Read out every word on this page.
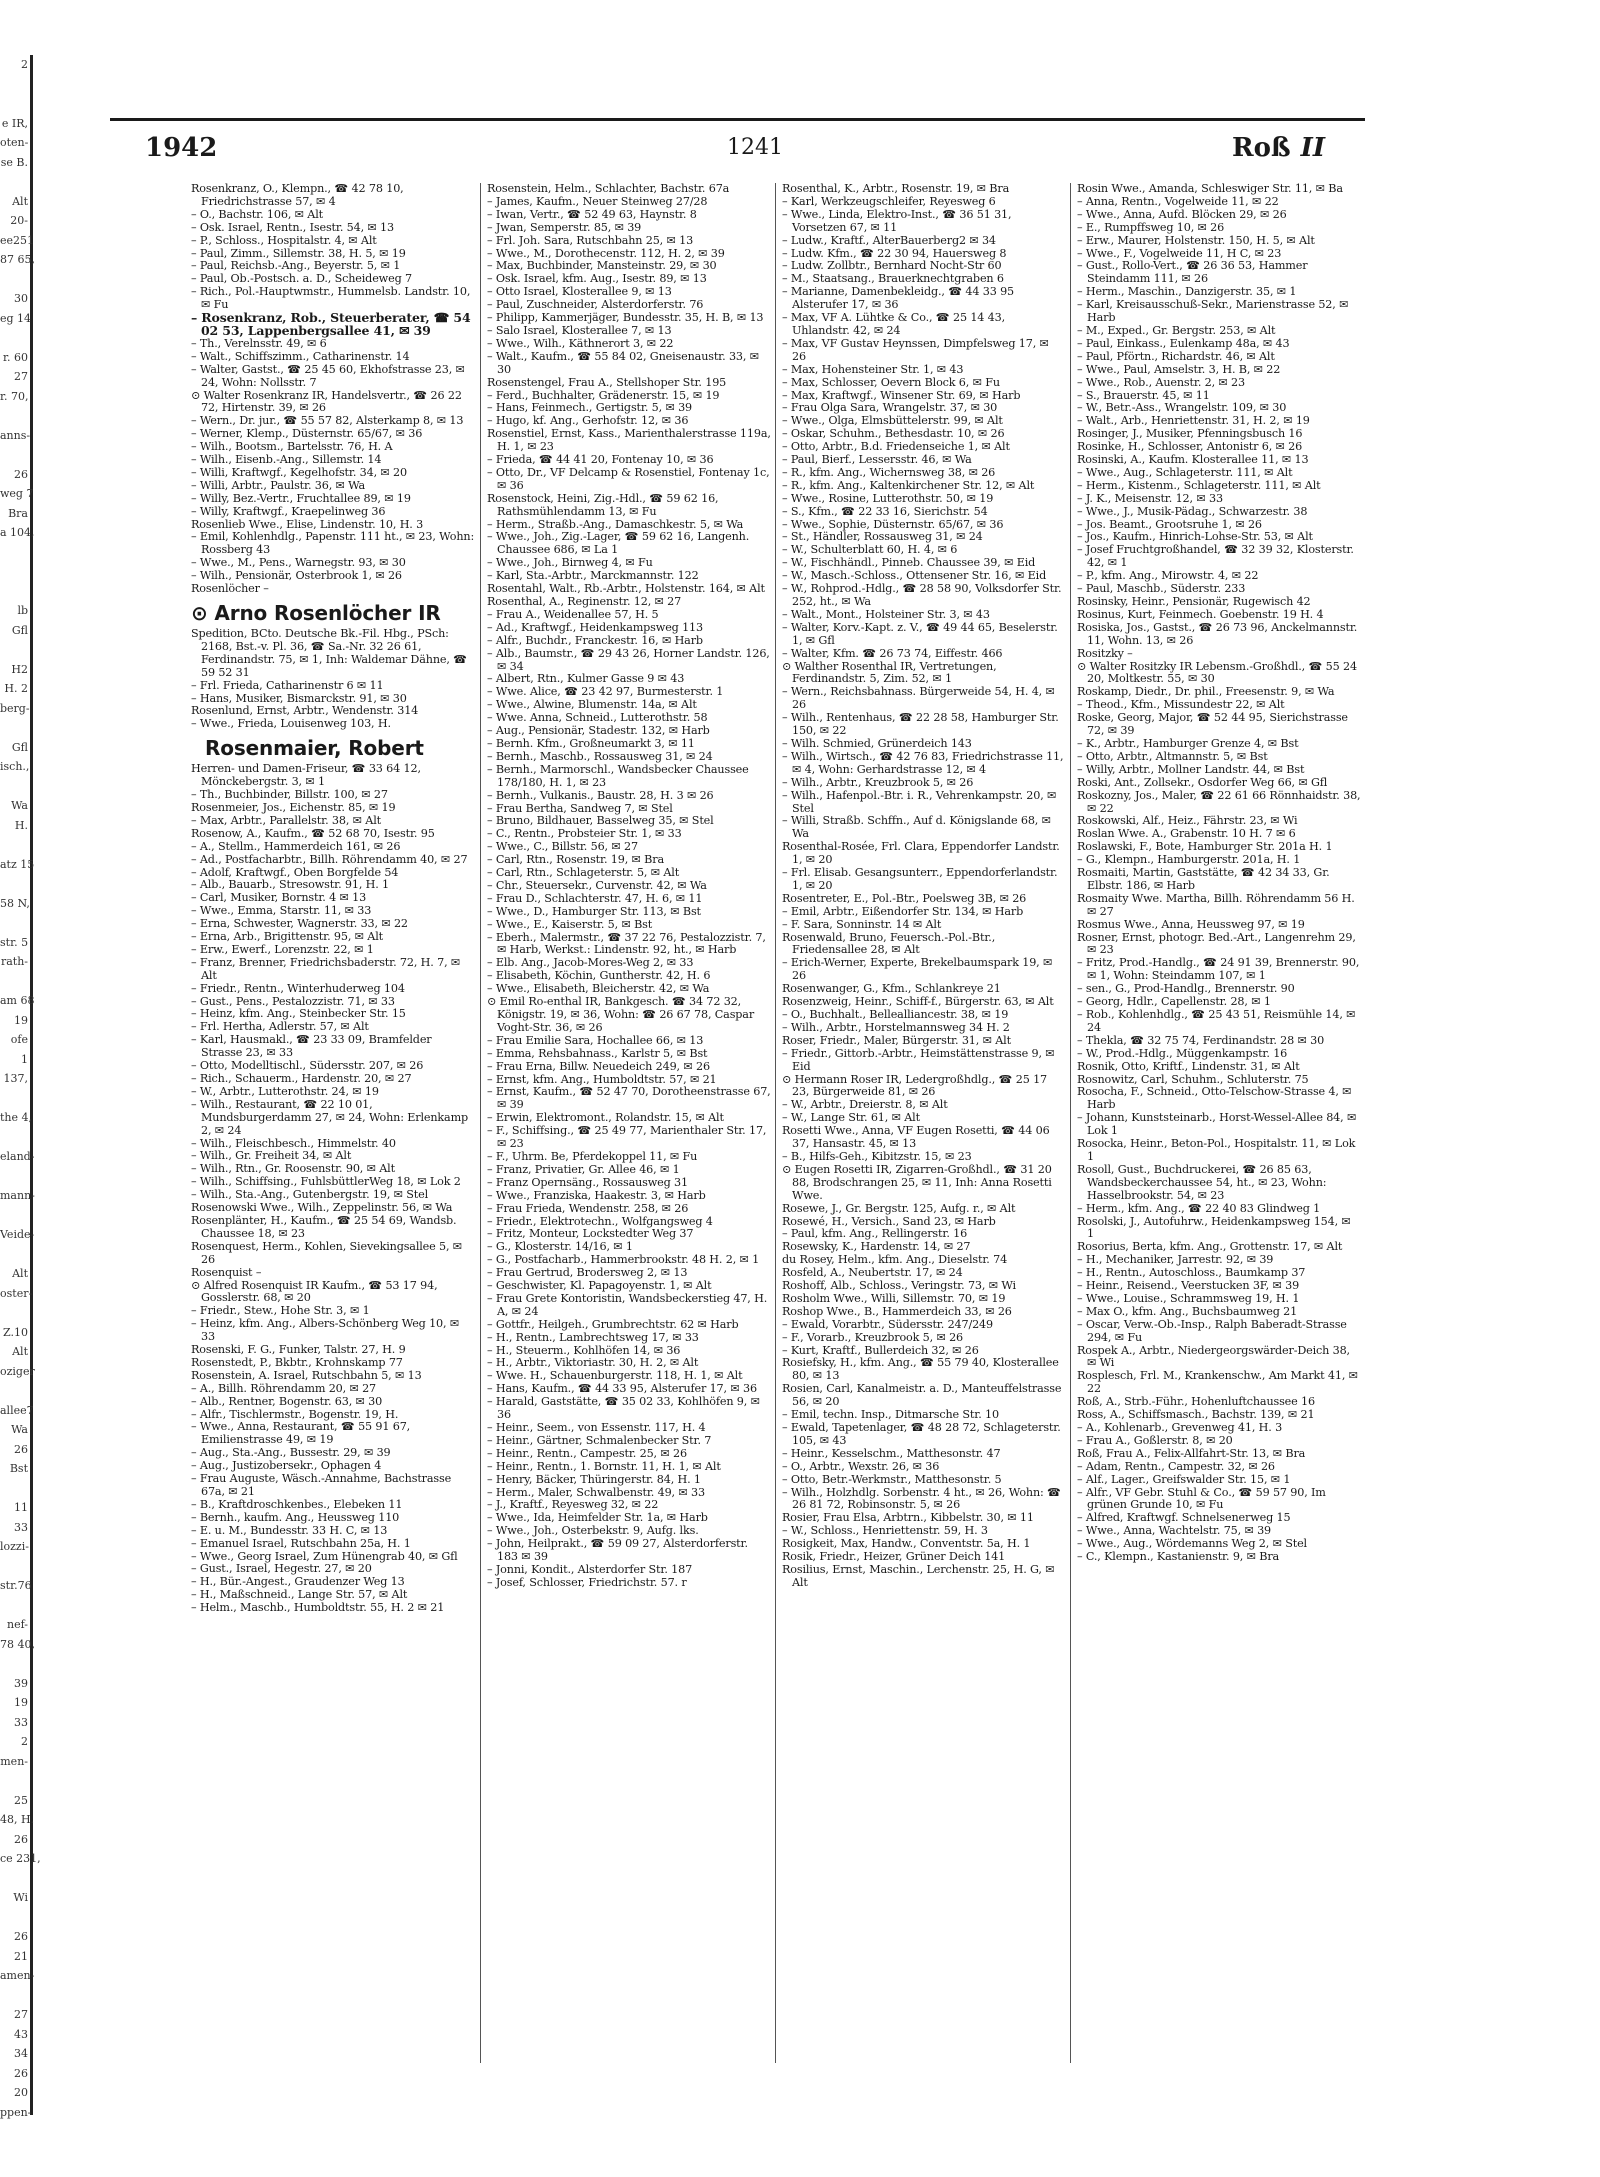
2

e IR,
oten-
se B.

Alt
20-
ee251
87 65,

30
eg 14

r. 60
27
r. 70,

anns-

26
weg 7
Bra
a 104,

lb
Gfl

H2
H. 2
berg-

Gfl
isch.,

Wa
H.

atz 15

58 N,

str. 5
rath-

am 68
19
ofe
1
137,

the 4,

eland-

mann-

Veide-

Alt
oster-

Z.10
Alt
oziger

allee7
Wa
26
Bst

11
33
lozzi-

str.76

nef-
78 40,

39
19
33
2
men-

25
48, H.
26
ce 231,

Wi

26
21
amen-

27
43
34
26
20
ppen-
1942	1241	Roß II

Rosenkranz, O., Klempn., ☎ 42 78 10, Friedrichstrasse 57, ✉ 4

– O., Bachstr. 106, ✉ Alt

– Osk. Israel, Rentn., Isestr. 54, ✉ 13

– P., Schloss., Hospitalstr. 4, ✉ Alt

– Paul, Zimm., Sillemstr. 38, H. 5, ✉ 19

– Paul, Reichsb.-Ang., Beyerstr. 5, ✉ 1

– Paul, Ob.-Postsch. a. D., Scheideweg 7

– Rich., Pol.-Hauptwmstr., Hummelsb. Landstr. 10, ✉ Fu

– Rosenkranz, Rob., Steuerberater, ☎ 54 02 53, Lappenbergsallee 41, ✉ 39

– Th., Verelnsstr. 49, ✉ 6

– Walt., Schiffszimm., Catharinenstr. 14

– Walter, Gastst., ☎ 25 45 60, Ekhofstrasse 23, ✉ 24, Wohn: Nollsstr. 7

⊙ Walter Rosenkranz IR, Handelsvertr., ☎ 26 22 72, Hirtenstr. 39, ✉ 26

– Wern., Dr. jur., ☎ 55 57 82, Alsterkamp 8, ✉ 13

– Werner, Klemp., Düsternstr. 65/67, ✉ 36

– Wilh., Bootsm., Bartelsstr. 76, H. A

– Wilh., Eisenb.-Ang., Sillemstr. 14

– Willi, Kraftwgf., Kegelhofstr. 34, ✉ 20

– Willi, Arbtr., Paulstr. 36, ✉ Wa

– Willy, Bez.-Vertr., Fruchtallee 89, ✉ 19

– Willy, Kraftwgf., Kraepelinweg 36

Rosenlieb Wwe., Elise, Lindenstr. 10, H. 3

– Emil, Kohlenhdlg., Papenstr. 111 ht., ✉ 23, Wohn: Rossberg 43

– Wwe., M., Pens., Warnegstr. 93, ✉ 30

– Wilh., Pensionär, Osterbrook 1, ✉ 26

Rosenlöcher –

⊙ Arno Rosenlöcher IR

Spedition, BCto. Deutsche Bk.-Fil. Hbg., PSch: 2168, Bst.-v. Pl. 36, ☎ Sa.-Nr. 32 26 61, Ferdinandstr. 75, ✉ 1, Inh: Waldemar Dähne, ☎ 59 52 31

– Frl. Frieda, Catharinenstr 6 ✉ 11

– Hans, Musiker, Bismarckstr. 91, ✉ 30

Rosenlund, Ernst, Arbtr., Wendenstr. 314

– Wwe., Frieda, Louisenweg 103, H.

Rosenmaier, Robert

Herren- und Damen-Friseur, ☎ 33 64 12, Mönckebergstr. 3, ✉ 1

– Th., Buchbinder, Billstr. 100, ✉ 27

Rosenmeier, Jos., Eichenstr. 85, ✉ 19

– Max, Arbtr., Parallelstr. 38, ✉ Alt

Rosenow, A., Kaufm., ☎ 52 68 70, Isestr. 95

– A., Stellm., Hammerdeich 161, ✉ 26

– Ad., Postfacharbtr., Billh. Röhrendamm 40, ✉ 27

– Adolf, Kraftwgf., Oben Borgfelde 54

– Alb., Bauarb., Stresowstr. 91, H. 1

– Carl, Musiker, Bornstr. 4 ✉ 13

– Wwe., Emma, Starstr. 11, ✉ 33

– Erna, Schwester, Wagnerstr. 33, ✉ 22

– Erna, Arb., Brigittenstr. 95, ✉ Alt

– Erw., Ewerf., Lorenzstr. 22, ✉ 1

– Franz, Brenner, Friedrichsbaderstr. 72, H. 7, ✉ Alt

– Friedr., Rentn., Winterhuderweg 104

– Gust., Pens., Pestalozzistr. 71, ✉ 33

– Heinz, kfm. Ang., Steinbecker Str. 15

– Frl. Hertha, Adlerstr. 57, ✉ Alt

– Karl, Hausmakl., ☎ 23 33 09, Bramfelder Strasse 23, ✉ 33

– Otto, Modelltischl., Südersstr. 207, ✉ 26

– Rich., Schauerm., Hardenstr. 20, ✉ 27

– W., Arbtr., Lutterothstr. 24, ✉ 19

– Wilh., Restaurant, ☎ 22 10 01, Mundsburgerdamm 27, ✉ 24, Wohn: Erlenkamp 2, ✉ 24

– Wilh., Fleischbesch., Himmelstr. 40

– Wilh., Gr. Freiheit 34, ✉ Alt

– Wilh., Rtn., Gr. Roosenstr. 90, ✉ Alt

– Wilh., Schiffsing., FuhlsbüttlerWeg 18, ✉ Lok 2

– Wilh., Sta.-Ang., Gutenbergstr. 19, ✉ Stel

Rosenowski Wwe., Wilh., Zeppelinstr. 56, ✉ Wa

Rosenplänter, H., Kaufm., ☎ 25 54 69, Wandsb. Chaussee 18, ✉ 23

Rosenquest, Herm., Kohlen, Sievekingsallee 5, ✉ 26

Rosenquist –

⊙ Alfred Rosenquist IR Kaufm., ☎ 53 17 94, Gosslerstr. 68, ✉ 20

– Friedr., Stew., Hohe Str. 3, ✉ 1

– Heinz, kfm. Ang., Albers-Schönberg Weg 10, ✉ 33

Rosenski, F. G., Funker, Talstr. 27, H. 9

Rosenstedt, P., Bkbtr., Krohnskamp 77

Rosenstein, A. Israel, Rutschbahn 5, ✉ 13

– A., Billh. Röhrendamm 20, ✉ 27

– Alb., Rentner, Bogenstr. 63, ✉ 30

– Alfr., Tischlermstr., Bogenstr. 19, H.

– Wwe., Anna, Restaurant, ☎ 55 91 67, Emilienstrasse 49, ✉ 19

– Aug., Sta.-Ang., Bussestr. 29, ✉ 39

– Aug., Justizobersekr., Ophagen 4

– Frau Auguste, Wäsch.-Annahme, Bachstrasse 67a, ✉ 21

– B., Kraftdroschkenbes., Elebeken 11

– Bernh., kaufm. Ang., Heussweg 110

– E. u. M., Bundesstr. 33 H. C, ✉ 13

– Emanuel Israel, Rutschbahn 25a, H. 1

– Wwe., Georg Israel, Zum Hünengrab 40, ✉ Gfl

– Gust., Israel, Hegestr. 27, ✉ 20

– H., Bür.-Angest., Graudenzer Weg 13

– H., Maßschneid., Lange Str. 57, ✉ Alt

– Helm., Maschb., Humboldtstr. 55, H. 2 ✉ 21

Rosenstein, Helm., Schlachter, Bachstr. 67a

– James, Kaufm., Neuer Steinweg 27/28

– Iwan, Vertr., ☎ 52 49 63, Haynstr. 8

– Jwan, Semperstr. 85, ✉ 39

– Frl. Joh. Sara, Rutschbahn 25, ✉ 13

– Wwe., M., Dorothecenstr. 112, H. 2, ✉ 39

– Max, Buchbinder, Mansteinstr. 29, ✉ 30

– Osk. Israel, kfm. Aug., Isestr. 89, ✉ 13

– Otto Israel, Klosterallee 9, ✉ 13

– Paul, Zuschneider, Alsterdorferstr. 76

– Philipp, Kammerjäger, Bundesstr. 35, H. B, ✉ 13

– Salo Israel, Klosterallee 7, ✉ 13

– Wwe., Wilh., Käthnerort 3, ✉ 22

– Walt., Kaufm., ☎ 55 84 02, Gneisenaustr. 33, ✉ 30

Rosenstengel, Frau A., Stellshoper Str. 195

– Ferd., Buchhalter, Grädenerstr. 15, ✉ 19

– Hans, Feinmech., Gertigstr. 5, ✉ 39

– Hugo, kf. Ang., Gerhofstr. 12, ✉ 36

Rosenstiel, Ernst, Kass., Marienthalerstrasse 119a, H. 1, ✉ 23

– Frieda, ☎ 44 41 20, Fontenay 10, ✉ 36

– Otto, Dr., VF Delcamp & Rosenstiel, Fontenay 1c, ✉ 36

Rosenstock, Heini, Zig.-Hdl., ☎ 59 62 16, Rathsmühlendamm 13, ✉ Fu

– Herm., Straßb.-Ang., Damaschkestr. 5, ✉ Wa

– Wwe., Joh., Zig.-Lager, ☎ 59 62 16, Langenh. Chaussee 686, ✉ La 1

– Wwe., Joh., Birnweg 4, ✉ Fu

– Karl, Sta.-Arbtr., Marckmannstr. 122

Rosentahl, Walt., Rb.-Arbtr., Holstenstr. 164, ✉ Alt

Rosenthal, A., Reginenstr. 12, ✉ 27

– Frau A., Weidenallee 57, H. 5

– Ad., Kraftwgf., Heidenkampsweg 113

– Alfr., Buchdr., Franckestr. 16, ✉ Harb

– Alb., Baumstr., ☎ 29 43 26, Horner Landstr. 126, ✉ 34

– Albert, Rtn., Kulmer Gasse 9 ✉ 43

– Wwe. Alice, ☎ 23 42 97, Burmesterstr. 1

– Wwe., Alwine, Blumenstr. 14a, ✉ Alt

– Wwe. Anna, Schneid., Lutterothstr. 58

– Aug., Pensionär, Stadestr. 132, ✉ Harb

– Bernh. Kfm., Großneumarkt 3, ✉ 11

– Bernh., Maschb., Rossausweg 31, ✉ 24

– Bernh., Marmorschl., Wandsbecker Chaussee 178/180, H. 1, ✉ 23

– Bernh., Vulkanis., Baustr. 28, H. 3 ✉ 26

– Frau Bertha, Sandweg 7, ✉ Stel

– Bruno, Bildhauer, Basselweg 35, ✉ Stel

– C., Rentn., Probsteier Str. 1, ✉ 33

– Wwe., C., Billstr. 56, ✉ 27

– Carl, Rtn., Rosenstr. 19, ✉ Bra

– Carl, Rtn., Schlageterstr. 5, ✉ Alt

– Chr., Steuersekr., Curvenstr. 42, ✉ Wa

– Frau D., Schlachterstr. 47, H. 6, ✉ 11

– Wwe., D., Hamburger Str. 113, ✉ Bst

– Wwe., E., Kaiserstr. 5, ✉ Bst

– Eberh., Malermstr., ☎ 37 22 76, Pestalozzistr. 7, ✉ Harb, Werkst.: Lindenstr. 92, ht., ✉ Harb

– Elb. Ang., Jacob-Mores-Weg 2, ✉ 33

– Elisabeth, Köchin, Guntherstr. 42, H. 6

– Wwe., Elisabeth, Bleicherstr. 42, ✉ Wa

⊙ Emil Ro-enthal IR, Bankgesch. ☎ 34 72 32, Königstr. 19, ✉ 36, Wohn: ☎ 26 67 78, Caspar Voght-Str. 36, ✉ 26

– Frau Emilie Sara, Hochallee 66, ✉ 13

– Emma, Rehsbahnass., Karlstr 5, ✉ Bst

– Frau Erna, Billw. Neuedeich 249, ✉ 26

– Ernst, kfm. Ang., Humboldtstr. 57, ✉ 21

– Ernst, Kaufm., ☎ 52 47 70, Dorotheenstrasse 67, ✉ 39

– Erwin, Elektromont., Rolandstr. 15, ✉ Alt

– F., Schiffsing., ☎ 25 49 77, Marienthaler Str. 17, ✉ 23

– F., Uhrm. Be, Pferdekoppel 11, ✉ Fu

– Franz, Privatier, Gr. Allee 46, ✉ 1

– Franz Opernsäng., Rossausweg 31

– Wwe., Franziska, Haakestr. 3, ✉ Harb

– Frau Frieda, Wendenstr. 258, ✉ 26

– Friedr., Elektrotechn., Wolfgangsweg 4

– Fritz, Monteur, Lockstedter Weg 37

– G., Klosterstr. 14/16, ✉ 1

– G., Postfacharb., Hammerbrookstr. 48 H. 2, ✉ 1

– Frau Gertrud, Brodersweg 2, ✉ 13

– Geschwister, Kl. Papagoyenstr. 1, ✉ Alt

– Frau Grete Kontoristin, Wandsbeckerstieg 47, H. A, ✉ 24

– Gottfr., Heilgeh., Grumbrechtstr. 62 ✉ Harb

– H., Rentn., Lambrechtsweg 17, ✉ 33

– H., Steuerm., Kohlhöfen 14, ✉ 36

– H., Arbtr., Viktoriastr. 30, H. 2, ✉ Alt

– Wwe. H., Schauenburgerstr. 118, H. 1, ✉ Alt

– Hans, Kaufm., ☎ 44 33 95, Alsterufer 17, ✉ 36

– Harald, Gaststätte, ☎ 35 02 33, Kohlhöfen 9, ✉ 36

– Heinr., Seem., von Essenstr. 117, H. 4

– Heinr., Gärtner, Schmalenbecker Str. 7

– Heinr., Rentn., Campestr. 25, ✉ 26

– Heinr., Rentn., 1. Bornstr. 11, H. 1, ✉ Alt

– Henry, Bäcker, Thüringerstr. 84, H. 1

– Herm., Maler, Schwalbenstr. 49, ✉ 33

– J., Kraftf., Reyesweg 32, ✉ 22

– Wwe., Ida, Heimfelder Str. 1a, ✉ Harb

– Wwe., Joh., Osterbekstr. 9, Aufg. lks.

– John, Heilprakt., ☎ 59 09 27, Alsterdorferstr. 183 ✉ 39

– Jonni, Kondit., Alsterdorfer Str. 187

– Josef, Schlosser, Friedrichstr. 57. r

Rosenthal, K., Arbtr., Rosenstr. 19, ✉ Bra

– Karl, Werkzeugschleifer, Reyesweg 6

– Wwe., Linda, Elektro-Inst., ☎ 36 51 31, Vorsetzen 67, ✉ 11

– Ludw., Kraftf., AlterBauerberg2 ✉ 34

– Ludw. Kfm., ☎ 22 30 94, Hauersweg 8

– Ludw. Zollbtr., Bernhard Nocht-Str 60

– M., Staatsang., Brauerknechtgraben 6

– Marianne, Damenbekleidg., ☎ 44 33 95 Alsterufer 17, ✉ 36

– Max, VF A. Lühtke & Co., ☎ 25 14 43, Uhlandstr. 42, ✉ 24

– Max, VF Gustav Heynssen, Dimpfelsweg 17, ✉ 26

– Max, Hohensteiner Str. 1, ✉ 43

– Max, Schlosser, Oevern Block 6, ✉ Fu

– Max, Kraftwgf., Winsener Str. 69, ✉ Harb

– Frau Olga Sara, Wrangelstr. 37, ✉ 30

– Wwe., Olga, Elmsbüttelerstr. 99, ✉ Alt

– Oskar, Schuhm., Bethesdastr. 10, ✉ 26

– Otto, Arbtr., B.d. Friedenseiche 1, ✉ Alt

– Paul, Bierf., Lessersstr. 46, ✉ Wa

– R., kfm. Ang., Wichernsweg 38, ✉ 26

– R., kfm. Ang., Kaltenkirchener Str. 12, ✉ Alt

– Wwe., Rosine, Lutterothstr. 50, ✉ 19

– S., Kfm., ☎ 22 33 16, Sierichstr. 54

– Wwe., Sophie, Düsternstr. 65/67, ✉ 36

– St., Händler, Rossausweg 31, ✉ 24

– W., Schulterblatt 60, H. 4, ✉ 6

– W., Fischhändl., Pinneb. Chaussee 39, ✉ Eid

– W., Masch.-Schloss., Ottensener Str. 16, ✉ Eid

– W., Rohprod.-Hdlg., ☎ 28 58 90, Volksdorfer Str. 252, ht., ✉ Wa

– Walt., Mont., Holsteiner Str. 3, ✉ 43

– Walter, Korv.-Kapt. z. V., ☎ 49 44 65, Beselerstr. 1, ✉ Gfl

– Walter, Kfm. ☎ 26 73 74, Eiffestr. 466

⊙ Walther Rosenthal IR, Vertretungen, Ferdinandstr. 5, Zim. 52, ✉ 1

– Wern., Reichsbahnass. Bürgerweide 54, H. 4, ✉ 26

– Wilh., Rentenhaus, ☎ 22 28 58, Hamburger Str. 150, ✉ 22

– Wilh. Schmied, Grünerdeich 143

– Wilh., Wirtsch., ☎ 42 76 83, Friedrichstrasse 11, ✉ 4, Wohn: Gerhardstrasse 12, ✉ 4

– Wilh., Arbtr., Kreuzbrook 5, ✉ 26

– Wilh., Hafenpol.-Btr. i. R., Vehrenkampstr. 20, ✉ Stel

– Willi, Straßb. Schffn., Auf d. Königslande 68, ✉ Wa

Rosenthal-Rosée, Frl. Clara, Eppendorfer Landstr. 1, ✉ 20

– Frl. Elisab. Gesangsunterr., Eppendorferlandstr. 1, ✉ 20

Rosentreter, E., Pol.-Btr., Poelsweg 3B, ✉ 26

– Emil, Arbtr., Eißendorfer Str. 134, ✉ Harb

– F. Sara, Sonninstr. 14 ✉ Alt

Rosenwald, Bruno, Feuersch.-Pol.-Btr., Friedensallee 28, ✉ Alt

– Erich-Werner, Experte, Brekelbaumspark 19, ✉ 26

Rosenwanger, G., Kfm., Schlankreye 21

Rosenzweig, Heinr., Schiff-f., Bürgerstr. 63, ✉ Alt

– O., Buchhalt., Bellealliancestr. 38, ✉ 19

– Wilh., Arbtr., Horstelmannsweg 34 H. 2

Roser, Friedr., Maler, Bürgerstr. 31, ✉ Alt

– Friedr., Gittorb.-Arbtr., Heimstättenstrasse 9, ✉ Eid

⊙ Hermann Roser IR, Ledergroßhdlg., ☎ 25 17 23, Bürgerweide 81, ✉ 26

– W., Arbtr., Dreierstr. 8, ✉ Alt

– W., Lange Str. 61, ✉ Alt

Rosetti Wwe., Anna, VF Eugen Rosetti, ☎ 44 06 37, Hansastr. 45, ✉ 13

– B., Hilfs-Geh., Kibitzstr. 15, ✉ 23

⊙ Eugen Rosetti IR, Zigarren-Großhdl., ☎ 31 20 88, Brodschrangen 25, ✉ 11, Inh: Anna Rosetti Wwe.

Rosewe, J., Gr. Bergstr. 125, Aufg. r., ✉ Alt

Rosewé, H., Versich., Sand 23, ✉ Harb

– Paul, kfm. Ang., Rellingerstr. 16

Rosewsky, K., Hardenstr. 14, ✉ 27

du Rosey, Helm., kfm. Ang., Dieselstr. 74

Rosfeld, A., Neubertstr. 17, ✉ 24

Roshoff, Alb., Schloss., Veringstr. 73, ✉ Wi

Rosholm Wwe., Willi, Sillemstr. 70, ✉ 19

Roshop Wwe., B., Hammerdeich 33, ✉ 26

– Ewald, Vorarbtr., Südersstr. 247/249

– F., Vorarb., Kreuzbrook 5, ✉ 26

– Kurt, Kraftf., Bullerdeich 32, ✉ 26

Rosiefsky, H., kfm. Ang., ☎ 55 79 40, Klosterallee 80, ✉ 13

Rosien, Carl, Kanalmeistr. a. D., Manteuffelstrasse 56, ✉ 20

– Emil, techn. Insp., Ditmarsche Str. 10

– Ewald, Tapetenlager, ☎ 48 28 72, Schlageterstr. 105, ✉ 43

– Heinr., Kesselschm., Matthesonstr. 47

– O., Arbtr., Wexstr. 26, ✉ 36

– Otto, Betr.-Werkmstr., Matthesonstr. 5

– Wilh., Holzhdlg. Sorbenstr. 4 ht., ✉ 26, Wohn: ☎ 26 81 72, Robinsonstr. 5, ✉ 26

Rosier, Frau Elsa, Arbtrn., Kibbelstr. 30, ✉ 11

– W., Schloss., Henriettenstr. 59, H. 3

Rosigkeit, Max, Handw., Conventstr. 5a, H. 1

Rosik, Friedr., Heizer, Grüner Deich 141

Rosilius, Ernst, Maschin., Lerchenstr. 25, H. G, ✉ Alt

Rosin Wwe., Amanda, Schleswiger Str. 11, ✉ Ba

– Anna, Rentn., Vogelweide 11, ✉ 22

– Wwe., Anna, Aufd. Blöcken 29, ✉ 26

– E., Rumpffsweg 10, ✉ 26

– Erw., Maurer, Holstenstr. 150, H. 5, ✉ Alt

– Wwe., F., Vogelweide 11, H C, ✉ 23

– Gust., Rollo-Vert., ☎ 26 36 53, Hammer Steindamm 111, ✉ 26

– Herm., Maschin., Danzigerstr. 35, ✉ 1

– Karl, Kreisausschuß-Sekr., Marienstrasse 52, ✉ Harb

– M., Exped., Gr. Bergstr. 253, ✉ Alt

– Paul, Einkass., Eulenkamp 48a, ✉ 43

– Paul, Pförtn., Richardstr. 46, ✉ Alt

– Wwe., Paul, Amselstr. 3, H. B, ✉ 22

– Wwe., Rob., Auenstr. 2, ✉ 23

– S., Brauerstr. 45, ✉ 11

– W., Betr.-Ass., Wrangelstr. 109, ✉ 30

– Walt., Arb., Henriettenstr. 31, H. 2, ✉ 19

Rosinger, J., Musiker, Pfenningsbusch 16

Rosinke, H., Schlosser, Antonistr 6, ✉ 26

Rosinski, A., Kaufm. Klosterallee 11, ✉ 13

– Wwe., Aug., Schlageterstr. 111, ✉ Alt

– Herm., Kistenm., Schlageterstr. 111, ✉ Alt

– J. K., Meisenstr. 12, ✉ 33

– Wwe., J., Musik-Pädag., Schwarzestr. 38

– Jos. Beamt., Grootsruhe 1, ✉ 26

– Jos., Kaufm., Hinrich-Lohse-Str. 53, ✉ Alt

– Josef Fruchtgroßhandel, ☎ 32 39 32, Klosterstr. 42, ✉ 1

– P., kfm. Ang., Mirowstr. 4, ✉ 22

– Paul, Maschb., Süderstr. 233

Rosinsky, Heinr., Pensionär, Rugewisch 42

Rosinus, Kurt, Feinmech. Goebenstr. 19 H. 4

Rosiska, Jos., Gastst., ☎ 26 73 96, Anckelmannstr. 11, Wohn. 13, ✉ 26

Rositzky –

⊙ Walter Rositzky IR Lebensm.-Großhdl., ☎ 55 24 20, Moltkestr. 55, ✉ 30

Roskamp, Diedr., Dr. phil., Freesenstr. 9, ✉ Wa

– Theod., Kfm., Missundestr 22, ✉ Alt

Roske, Georg, Major, ☎ 52 44 95, Sierichstrasse 72, ✉ 39

– K., Arbtr., Hamburger Grenze 4, ✉ Bst

– Otto, Arbtr., Altmannstr. 5, ✉ Bst

– Willy, Arbtr., Mollner Landstr. 44, ✉ Bst

Roski, Ant., Zollsekr., Osdorfer Weg 66, ✉ Gfl

Roskozny, Jos., Maler, ☎ 22 61 66 Rönnhaidstr. 38, ✉ 22

Roskowski, Alf., Heiz., Fährstr. 23, ✉ Wi

Roslan Wwe. A., Grabenstr. 10 H. 7 ✉ 6

Roslawski, F., Bote, Hamburger Str. 201a H. 1

– G., Klempn., Hamburgerstr. 201a, H. 1

Rosmaiti, Martin, Gaststätte, ☎ 42 34 33, Gr. Elbstr. 186, ✉ Harb

Rosmaity Wwe. Martha, Billh. Röhrendamm 56 H. ✉ 27

Rosmus Wwe., Anna, Heussweg 97, ✉ 19

Rosner, Ernst, photogr. Bed.-Art., Langenrehm 29, ✉ 23

– Fritz, Prod.-Handlg., ☎ 24 91 39, Brennerstr. 90, ✉ 1, Wohn: Steindamm 107, ✉ 1

– sen., G., Prod-Handlg., Brennerstr. 90

– Georg, Hdlr., Capellenstr. 28, ✉ 1

– Rob., Kohlenhdlg., ☎ 25 43 51, Reismühle 14, ✉ 24

– Thekla, ☎ 32 75 74, Ferdinandstr. 28 ✉ 30

– W., Prod.-Hdlg., Müggenkampstr. 16

Rosnik, Otto, Kriftf., Lindenstr. 31, ✉ Alt

Rosnowitz, Carl, Schuhm., Schluterstr. 75

Rosocha, F., Schneid., Otto-Telschow-Strasse 4, ✉ Harb

– Johann, Kunststeinarb., Horst-Wessel-Allee 84, ✉ Lok 1

Rosocka, Heinr., Beton-Pol., Hospitalstr. 11, ✉ Lok 1

Rosoll, Gust., Buchdruckerei, ☎ 26 85 63, Wandsbeckerchaussee 54, ht., ✉ 23, Wohn: Hasselbrookstr. 54, ✉ 23

– Herm., kfm. Ang., ☎ 22 40 83 Glindweg 1

Rosolski, J., Autofuhrw., Heidenkampsweg 154, ✉ 1

Rosorius, Berta, kfm. Ang., Grottenstr. 17, ✉ Alt

– H., Mechaniker, Jarrestr. 92, ✉ 39

– H., Rentn., Autoschloss., Baumkamp 37

– Heinr., Reisend., Veerstucken 3F, ✉ 39

– Wwe., Louise., Schrammsweg 19, H. 1

– Max O., kfm. Ang., Buchsbaumweg 21

– Oscar, Verw.-Ob.-Insp., Ralph Baberadt-Strasse 294, ✉ Fu

Rospek A., Arbtr., Niedergeorgswärder-Deich 38, ✉ Wi

Rosplesch, Frl. M., Krankenschw., Am Markt 41, ✉ 22

Roß, A., Strb.-Führ., Hohenluftchaussee 16

Ross, A., Schiffsmasch., Bachstr. 139, ✉ 21

– A., Kohlenarb., Grevenweg 41, H. 3

– Frau A., Goßlerstr. 8, ✉ 20

Roß, Frau A., Felix-Allfahrt-Str. 13, ✉ Bra

– Adam, Rentn., Campestr. 32, ✉ 26

– Alf., Lager., Greifswalder Str. 15, ✉ 1

– Alfr., VF Gebr. Stuhl & Co., ☎ 59 57 90, Im grünen Grunde 10, ✉ Fu

– Alfred, Kraftwgf. Schnelsenerweg 15

– Wwe., Anna, Wachtelstr. 75, ✉ 39

– Wwe., Aug., Wördemanns Weg 2, ✉ Stel

– C., Klempn., Kastanienstr. 9, ✉ Bra
